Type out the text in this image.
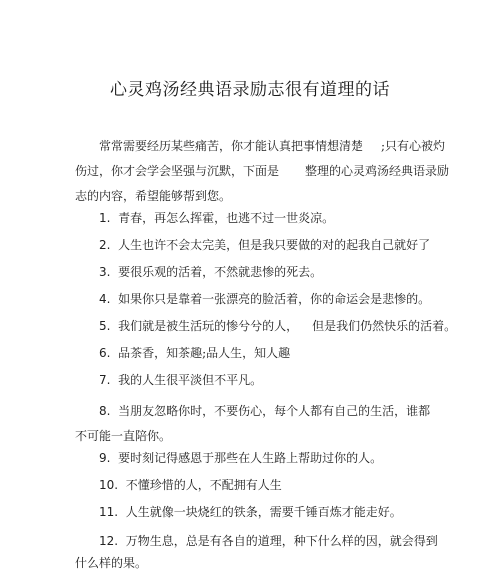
心灵鸡汤经典语录励志很有道理的话
常常需要经历某些痛苦，你才能认真把事情想清楚 ;只有心被灼
伤过，你才会学会坚强与沉默，下面是 整理的心灵鸡汤经典语录励
志的内容，希望能够帮到您。
1. 青春，再怎么挥霍，也逃不过一世炎凉。
2. 人生也许不会太完美，但是我只要做的对的起我自己就好了
3. 要很乐观的活着，不然就悲惨的死去。
4. 如果你只是靠着一张漂亮的脸活着，你的命运会是悲惨的。
5. 我们就是被生活玩的惨兮兮的人， 但是我们仍然快乐的活着。
6. 品茶香，知茶趣;品人生，知人趣
7. 我的人生很平淡但不平凡。
8. 当朋友忽略你时，不要伤心，每个人都有自己的生活，谁都
不可能一直陪你。
9. 要时刻记得感恩于那些在人生路上帮助过你的人。
10. 不懂珍惜的人，不配拥有人生
11. 人生就像一块烧红的铁条，需要千锤百炼才能走好。
12. 万物生息，总是有各自的道理，种下什么样的因，就会得到
什么样的果。
